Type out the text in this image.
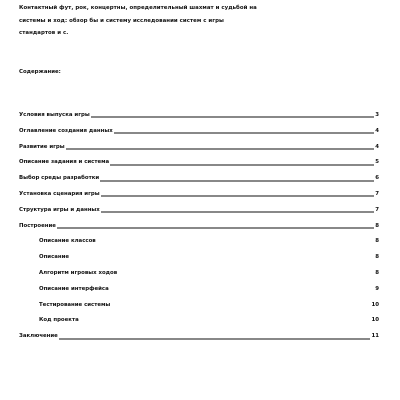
Контактный фут, рок, концертны, определительный шахмат и судьбой на
системы и ход: обзор бы и систему исследовании систем с игры
стандартов и с.
Содержание:
Условия выпуска игры	3
Оглавление создания данных	4
Развитие игры	4
Описание задания и система	5
Выбор среды разработки	6
Установка сценария игры	7
Структура игры и данных	7
Построение	8
Описание классов	8
Описание	8
Алгоритм игровых ходов	8
Описание интерфейса	9
Тестирование системы	10
Код проекта	10
Заключение	11
